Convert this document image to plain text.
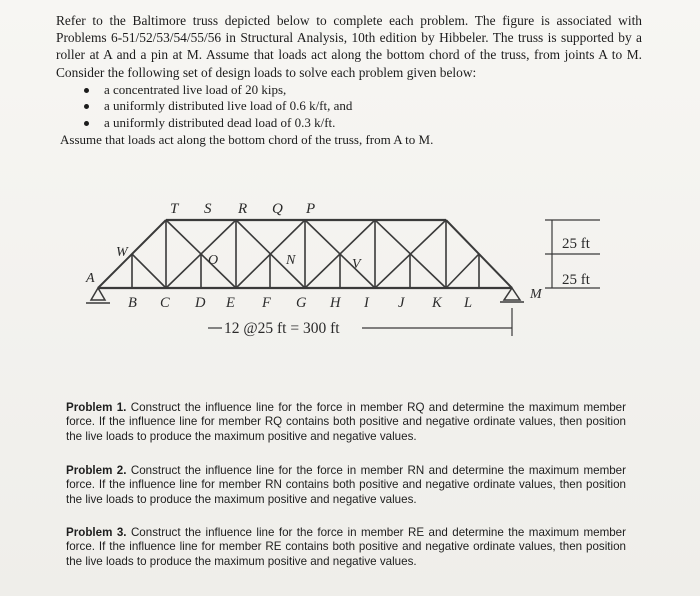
Refer to the Baltimore truss depicted below to complete each problem. The figure is associated with Problems 6-51/52/53/54/55/56 in Structural Analysis, 10th edition by Hibbeler. The truss is supported by a roller at A and a pin at M. Assume that loads act along the bottom chord of the truss, from joints A to M. Consider the following set of design loads to solve each problem given below:

a concentrated live load of 20 kips,
a uniformly distributed live load of 0.6 k/ft, and
a uniformly distributed dead load of 0.3 k/ft.

Assume that loads act along the bottom chord of the truss, from A to M.

25 ft
25 ft
12 @25 ft = 300 ft
T S R Q P
B C D E F G H I J K L
W
O	N	V
A
M

Problem 1. Construct the influence line for the force in member RQ and determine the maximum member force. If the influence line for member RQ contains both positive and negative ordinate values, then position the live loads to produce the maximum positive and negative values.

Problem 2. Construct the influence line for the force in member RN and determine the maximum member force. If the influence line for member RN contains both positive and negative ordinate values, then position the live loads to produce the maximum positive and negative values.

Problem 3. Construct the influence line for the force in member RE and determine the maximum member force. If the influence line for member RE contains both positive and negative ordinate values, then position the live loads to produce the maximum positive and negative values.
